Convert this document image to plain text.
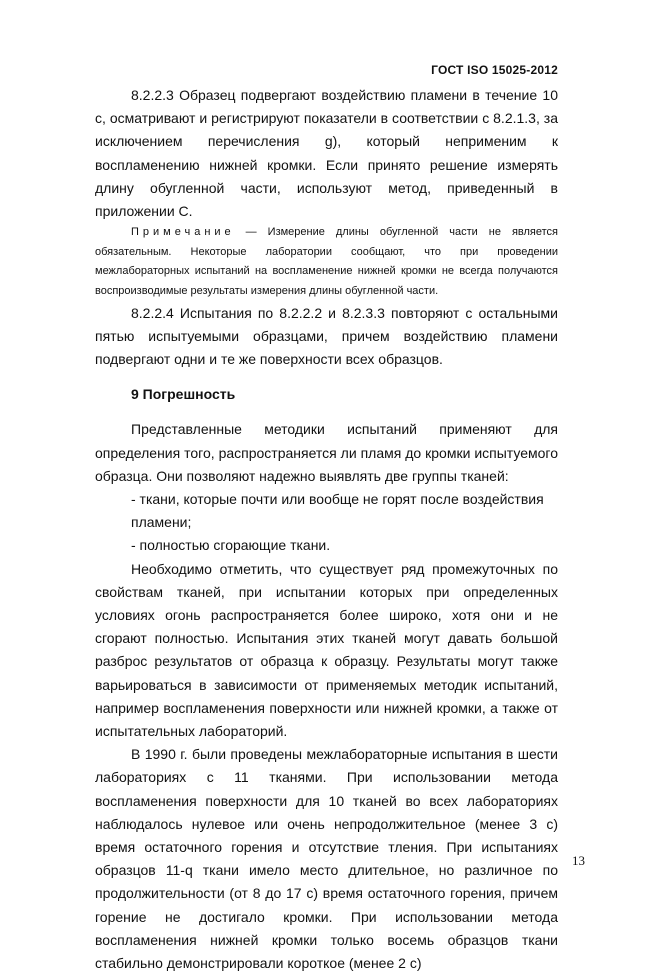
ГОСТ ISO 15025-2012

8.2.2.3 Образец подвергают воздействию пламени в течение 10 с, осматривают и регистрируют показатели в соответствии с 8.2.1.3, за исключением перечисления g), который неприменим к воспламенению нижней кромки. Если принято решение измерять длину обугленной части, используют метод, приведенный в приложении С.

Примечание — Измерение длины обугленной части не является обязательным. Некоторые лаборатории сообщают, что при проведении межлабораторных испытаний на воспламенение нижней кромки не всегда получаются воспроизводимые результаты измерения длины обугленной части.

8.2.2.4 Испытания по 8.2.2.2 и 8.2.3.3 повторяют с остальными пятью испытуемыми образцами, причем воздействию пламени подвергают одни и те же поверхности всех образцов.

9 Погрешность

Представленные методики испытаний применяют для определения того, распространяется ли пламя до кромки испытуемого образца. Они позволяют надежно выявлять две группы тканей:

- ткани, которые почти или вообще не горят после воздействия пламени;

- полностью сгорающие ткани.

Необходимо отметить, что существует ряд промежуточных по свойствам тканей, при испытании которых при определенных условиях огонь распространяется более широко, хотя они и не сгорают полностью. Испытания этих тканей могут давать большой разброс результатов от образца к образцу. Результаты могут также варьироваться в зависимости от применяемых методик испытаний, например воспламенения поверхности или нижней кромки, а также от испытательных лабораторий.

В 1990 г. были проведены межлабораторные испытания в шести лабораториях с 11 тканями. При использовании метода воспламенения поверхности для 10 тканей во всех лабораториях наблюдалось нулевое или очень непродолжительное (менее 3 с) время остаточного горения и отсутствие тления. При испытаниях образцов 11-q ткани имело место длительное, но различное по продолжительности (от 8 до 17 с) время остаточного горения, причем горение не достигало кромки. При использовании метода воспламенения нижней кромки только восемь образцов ткани стабильно демонстрировали короткое (менее 2 с)

13
